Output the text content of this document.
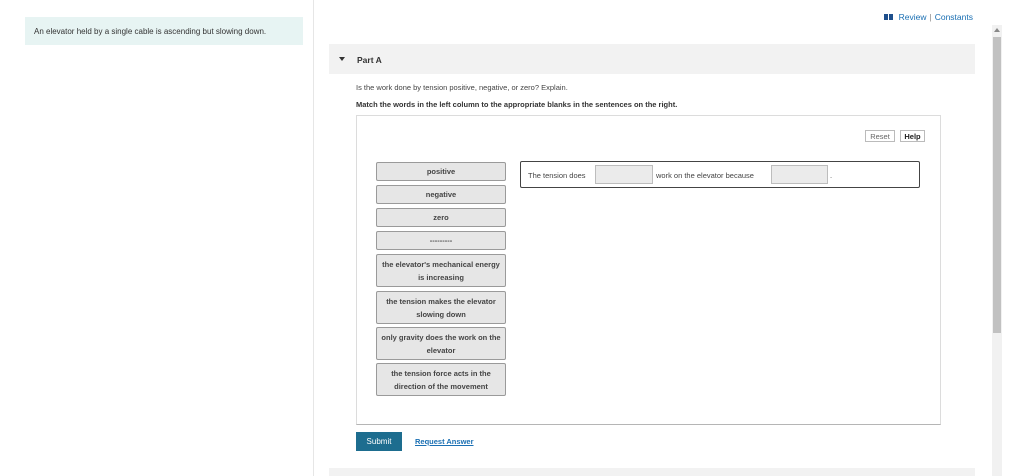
An elevator held by a single cable is ascending but slowing down.
Review | Constants
Part A
Is the work done by tension positive, negative, or zero? Explain.
Match the words in the left column to the appropriate blanks in the sentences on the right.
Reset	Help
positive
negative
zero
---------
the elevator's mechanical energy is increasing
the tension makes the elevator slowing down
only gravity does the work on the elevator
the tension force acts in the direction of the movement
The tension does	work on the elevator because	.
Submit	Request Answer
